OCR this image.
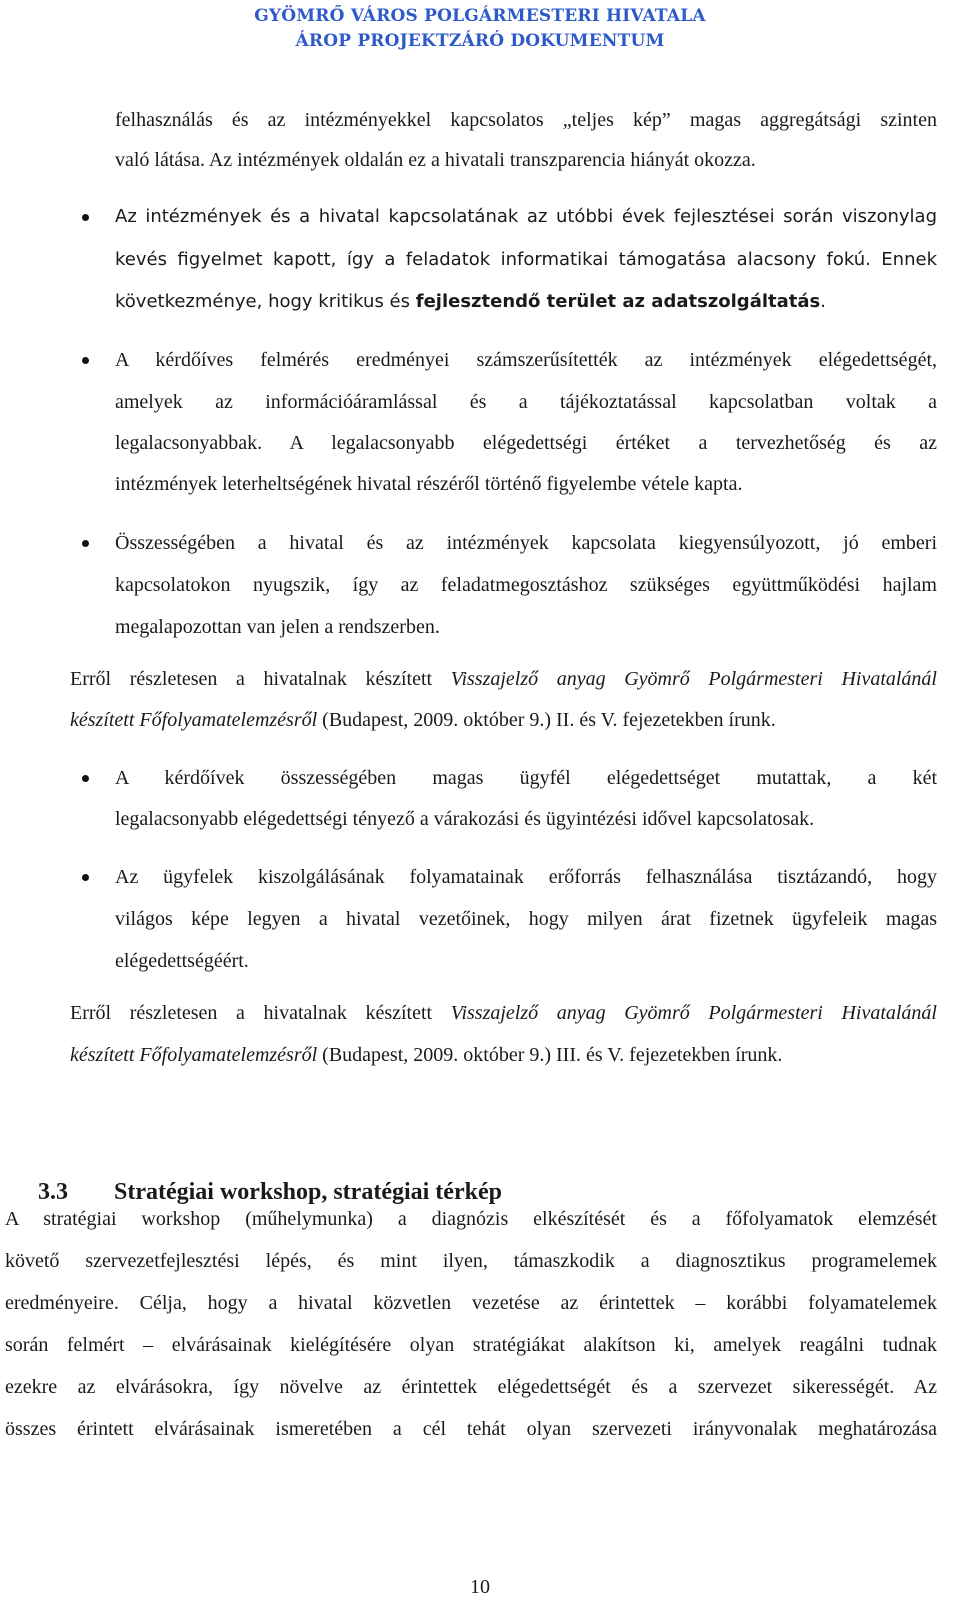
GYÖMRŐ VÁROS POLGÁRMESTERI HIVATALA
ÁROP PROJEKTZÁRÓ DOKUMENTUM
felhasználás és az intézményekkel kapcsolatos „teljes kép” magas aggregátsági szinten
való látása. Az intézmények oldalán ez a hivatali transzparencia hiányát okozza.
Az intézmények és a hivatal kapcsolatának az utóbbi évek fejlesztései során viszonylag
kevés figyelmet kapott, így a feladatok informatikai támogatása alacsony fokú. Ennek
következménye, hogy kritikus és fejlesztendő terület az adatszolgáltatás.
A kérdőíves felmérés eredményei számszerűsítették az intézmények elégedettségét,
amelyek az információáramlással és a tájékoztatással kapcsolatban voltak a
legalacsonyabbak. A legalacsonyabb elégedettségi értéket a tervezhetőség és az
intézmények leterheltségének hivatal részéről történő figyelembe vétele kapta.
Összességében a hivatal és az intézmények kapcsolata kiegyensúlyozott, jó emberi
kapcsolatokon nyugszik, így az feladatmegosztáshoz szükséges együttműködési hajlam
megalapozottan van jelen a rendszerben.
Erről részletesen a hivatalnak készített Visszajelző anyag Gyömrő Polgármesteri Hivatalánál
készített Főfolyamatelemzésről (Budapest, 2009. október 9.) II. és V. fejezetekben írunk.
A kérdőívek összességében magas ügyfél elégedettséget mutattak, a két
legalacsonyabb elégedettségi tényező a várakozási és ügyintézési idővel kapcsolatosak.
Az ügyfelek kiszolgálásának folyamatainak erőforrás felhasználása tisztázandó, hogy
világos képe legyen a hivatal vezetőinek, hogy milyen árat fizetnek ügyfeleik magas
elégedettségéért.
Erről részletesen a hivatalnak készített Visszajelző anyag Gyömrő Polgármesteri Hivatalánál
készített Főfolyamatelemzésről (Budapest, 2009. október 9.) III. és V. fejezetekben írunk.
3.3 Stratégiai workshop, stratégiai térkép
A stratégiai workshop (műhelymunka) a diagnózis elkészítését és a főfolyamatok elemzését
követő szervezetfejlesztési lépés, és mint ilyen, támaszkodik a diagnosztikus programelemek
eredményeire. Célja, hogy a hivatal közvetlen vezetése az érintettek – korábbi folyamatelemek
során felmért – elvárásainak kielégítésére olyan stratégiákat alakítson ki, amelyek reagálni tudnak
ezekre az elvárásokra, így növelve az érintettek elégedettségét és a szervezet sikerességét. Az
összes érintett elvárásainak ismeretében a cél tehát olyan szervezeti irányvonalak meghatározása
10
